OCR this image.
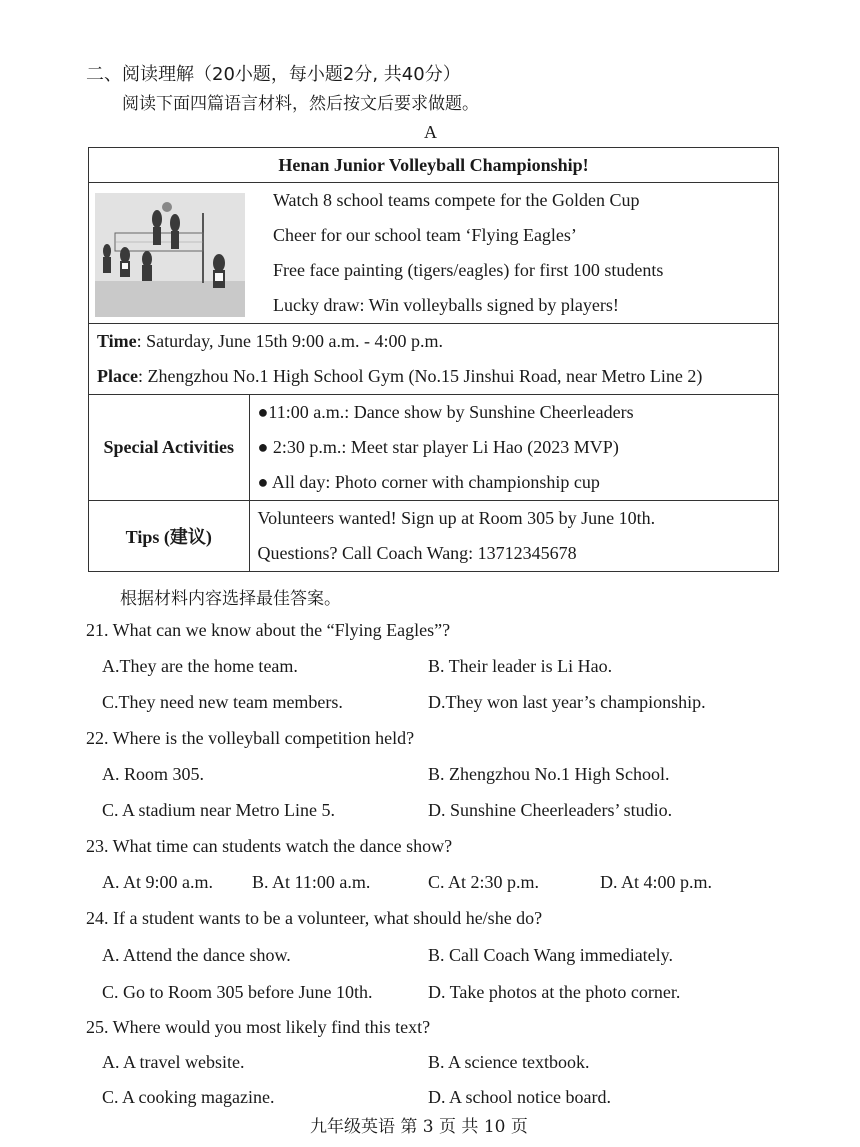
二、阅读理解（20小题，每小题2分, 共40分）
阅读下面四篇语言材料，然后按文后要求做题。
A
Henan Junior Volleyball Championship!	

Watch 8 school teams compete for the Golden Cup
Cheer for our school team ‘Flying Eagles’
Free face painting (tigers/eagles) for first 100 students
Lucky draw: Win volleyballs signed by players!

Time: Saturday, June 15th 9:00 a.m. - 4:00 p.m.
Place: Zhengzhou No.1 High School Gym (No.15 Jinshui Road, near Metro Line 2)	

Special Activities	●11:00 a.m.: Dance show by Sunshine Cheerleaders
● 2:30 p.m.: Meet star player Li Hao (2023 MVP)
● All day: Photo corner with championship cup

Tips (建议)	Volunteers wanted! Sign up at Room 305 by June 10th.
Questions? Call Coach Wang: 13712345678
根据材料内容选择最佳答案。
21. What can we know about the “Flying Eagles”?
A.They are the home team.	B. Their leader is Li Hao.
C.They need new team members.	D.They won last year’s championship.
22. Where is the volleyball competition held?
A. Room 305.	B. Zhengzhou No.1 High School.
C. A stadium near Metro Line 5.	D. Sunshine Cheerleaders’ studio.
23. What time can students watch the dance show?
A. At 9:00 a.m. B. At 11:00 a.m.	C. At 2:30 p.m.	D. At 4:00 p.m.
24. If a student wants to be a volunteer, what should he/she do?
A. Attend the dance show.	B. Call Coach Wang immediately.
C. Go to Room 305 before June 10th.	D. Take photos at the photo corner.
25. Where would you most likely find this text?
A. A travel website.	B. A science textbook.
C. A cooking magazine.	D. A school notice board.
九年级英语 第 3 页 共 10 页
